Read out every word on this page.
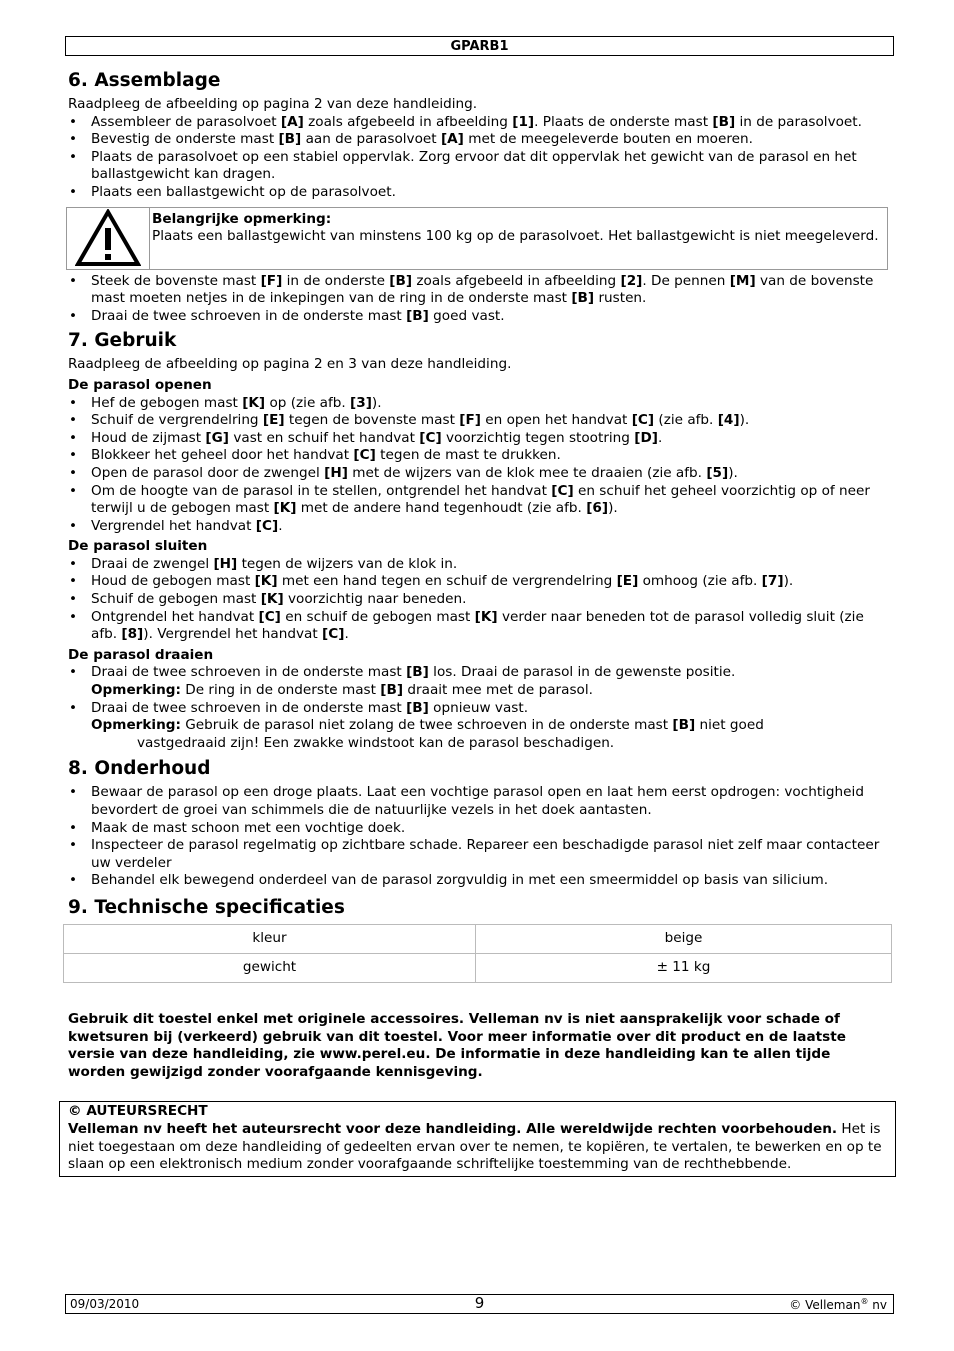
GPARB1
6. Assemblage

Raadpleeg de afbeelding op pagina 2 van deze handleiding.

• Assembleer de parasolvoet [A] zoals afgebeeld in afbeelding [1]. Plaats de onderste mast [B] in de parasolvoet.
• Bevestig de onderste mast [B] aan de parasolvoet [A] met de meegeleverde bouten en moeren.
• Plaats de parasolvoet op een stabiel oppervlak. Zorg ervoor dat dit oppervlak het gewicht van de parasol en het ballastgewicht kan dragen.
• Plaats een ballastgewicht op de parasolvoet.
Belangrijke opmerking:
Plaats een ballastgewicht van minstens 100 kg op de parasolvoet. Het ballastgewicht is niet meegeleverd.
• Steek de bovenste mast [F] in de onderste [B] zoals afgebeeld in afbeelding [2]. De pennen [M] van de bovenste mast moeten netjes in de inkepingen van de ring in de onderste mast [B] rusten.
• Draai de twee schroeven in de onderste mast [B] goed vast.
7. Gebruik

Raadpleeg de afbeelding op pagina 2 en 3 van deze handleiding.

De parasol openen

• Hef de gebogen mast [K] op (zie afb. [3]).
• Schuif de vergrendelring [E] tegen de bovenste mast [F] en open het handvat [C] (zie afb. [4]).
• Houd de zijmast [G] vast en schuif het handvat [C] voorzichtig tegen stootring [D].
• Blokkeer het geheel door het handvat [C] tegen de mast te drukken.
• Open de parasol door de zwengel [H] met de wijzers van de klok mee te draaien (zie afb. [5]).
• Om de hoogte van de parasol in te stellen, ontgrendel het handvat [C] en schuif het geheel voorzichtig op of neer terwijl u de gebogen mast [K] met de andere hand tegenhoudt (zie afb. [6]).
• Vergrendel het handvat [C].

De parasol sluiten

• Draai de zwengel [H] tegen de wijzers van de klok in.
• Houd de gebogen mast [K] met een hand tegen en schuif de vergrendelring [E] omhoog (zie afb. [7]).
• Schuif de gebogen mast [K] voorzichtig naar beneden.
• Ontgrendel het handvat [C] en schuif de gebogen mast [K] verder naar beneden tot de parasol volledig sluit (zie afb. [8]). Vergrendel het handvat [C].

De parasol draaien

• Draai de twee schroeven in de onderste mast [B] los. Draai de parasol in de gewenste positie.
Opmerking: De ring in de onderste mast [B] draait mee met de parasol.
• Draai de twee schroeven in de onderste mast [B] opnieuw vast.
Opmerking: Gebruik de parasol niet zolang de twee schroeven in de onderste mast [B] niet goed
vastgedraaid zijn! Een zwakke windstoot kan de parasol beschadigen.
8. Onderhoud
• Bewaar de parasol op een droge plaats. Laat een vochtige parasol open en laat hem eerst opdrogen: vochtigheid bevordert de groei van schimmels die de natuurlijke vezels in het doek aantasten.
• Maak de mast schoon met een vochtige doek.
• Inspecteer de parasol regelmatig op zichtbare schade. Repareer een beschadigde parasol niet zelf maar contacteer uw verdeler
• Behandel elk bewegend onderdeel van de parasol zorgvuldig in met een smeermiddel op basis van silicium.
9. Technische specificaties
kleur	beige
gewicht	± 11 kg

Gebruik dit toestel enkel met originele accessoires. Velleman nv is niet aansprakelijk voor schade of kwetsuren bij (verkeerd) gebruik van dit toestel. Voor meer informatie over dit product en de laatste versie van deze handleiding, zie www.perel.eu. De informatie in deze handleiding kan te allen tijde worden gewijzigd zonder voorafgaande kennisgeving.

© AUTEURSRECHT
Velleman nv heeft het auteursrecht voor deze handleiding. Alle wereldwijde rechten voorbehouden. Het is niet toegestaan om deze handleiding of gedeelten ervan over te nemen, te kopiëren, te vertalen, te bewerken en op te slaan op een elektronisch medium zonder voorafgaande schriftelijke toestemming van de rechthebbende.
09/03/2010	9	© Velleman® nv
